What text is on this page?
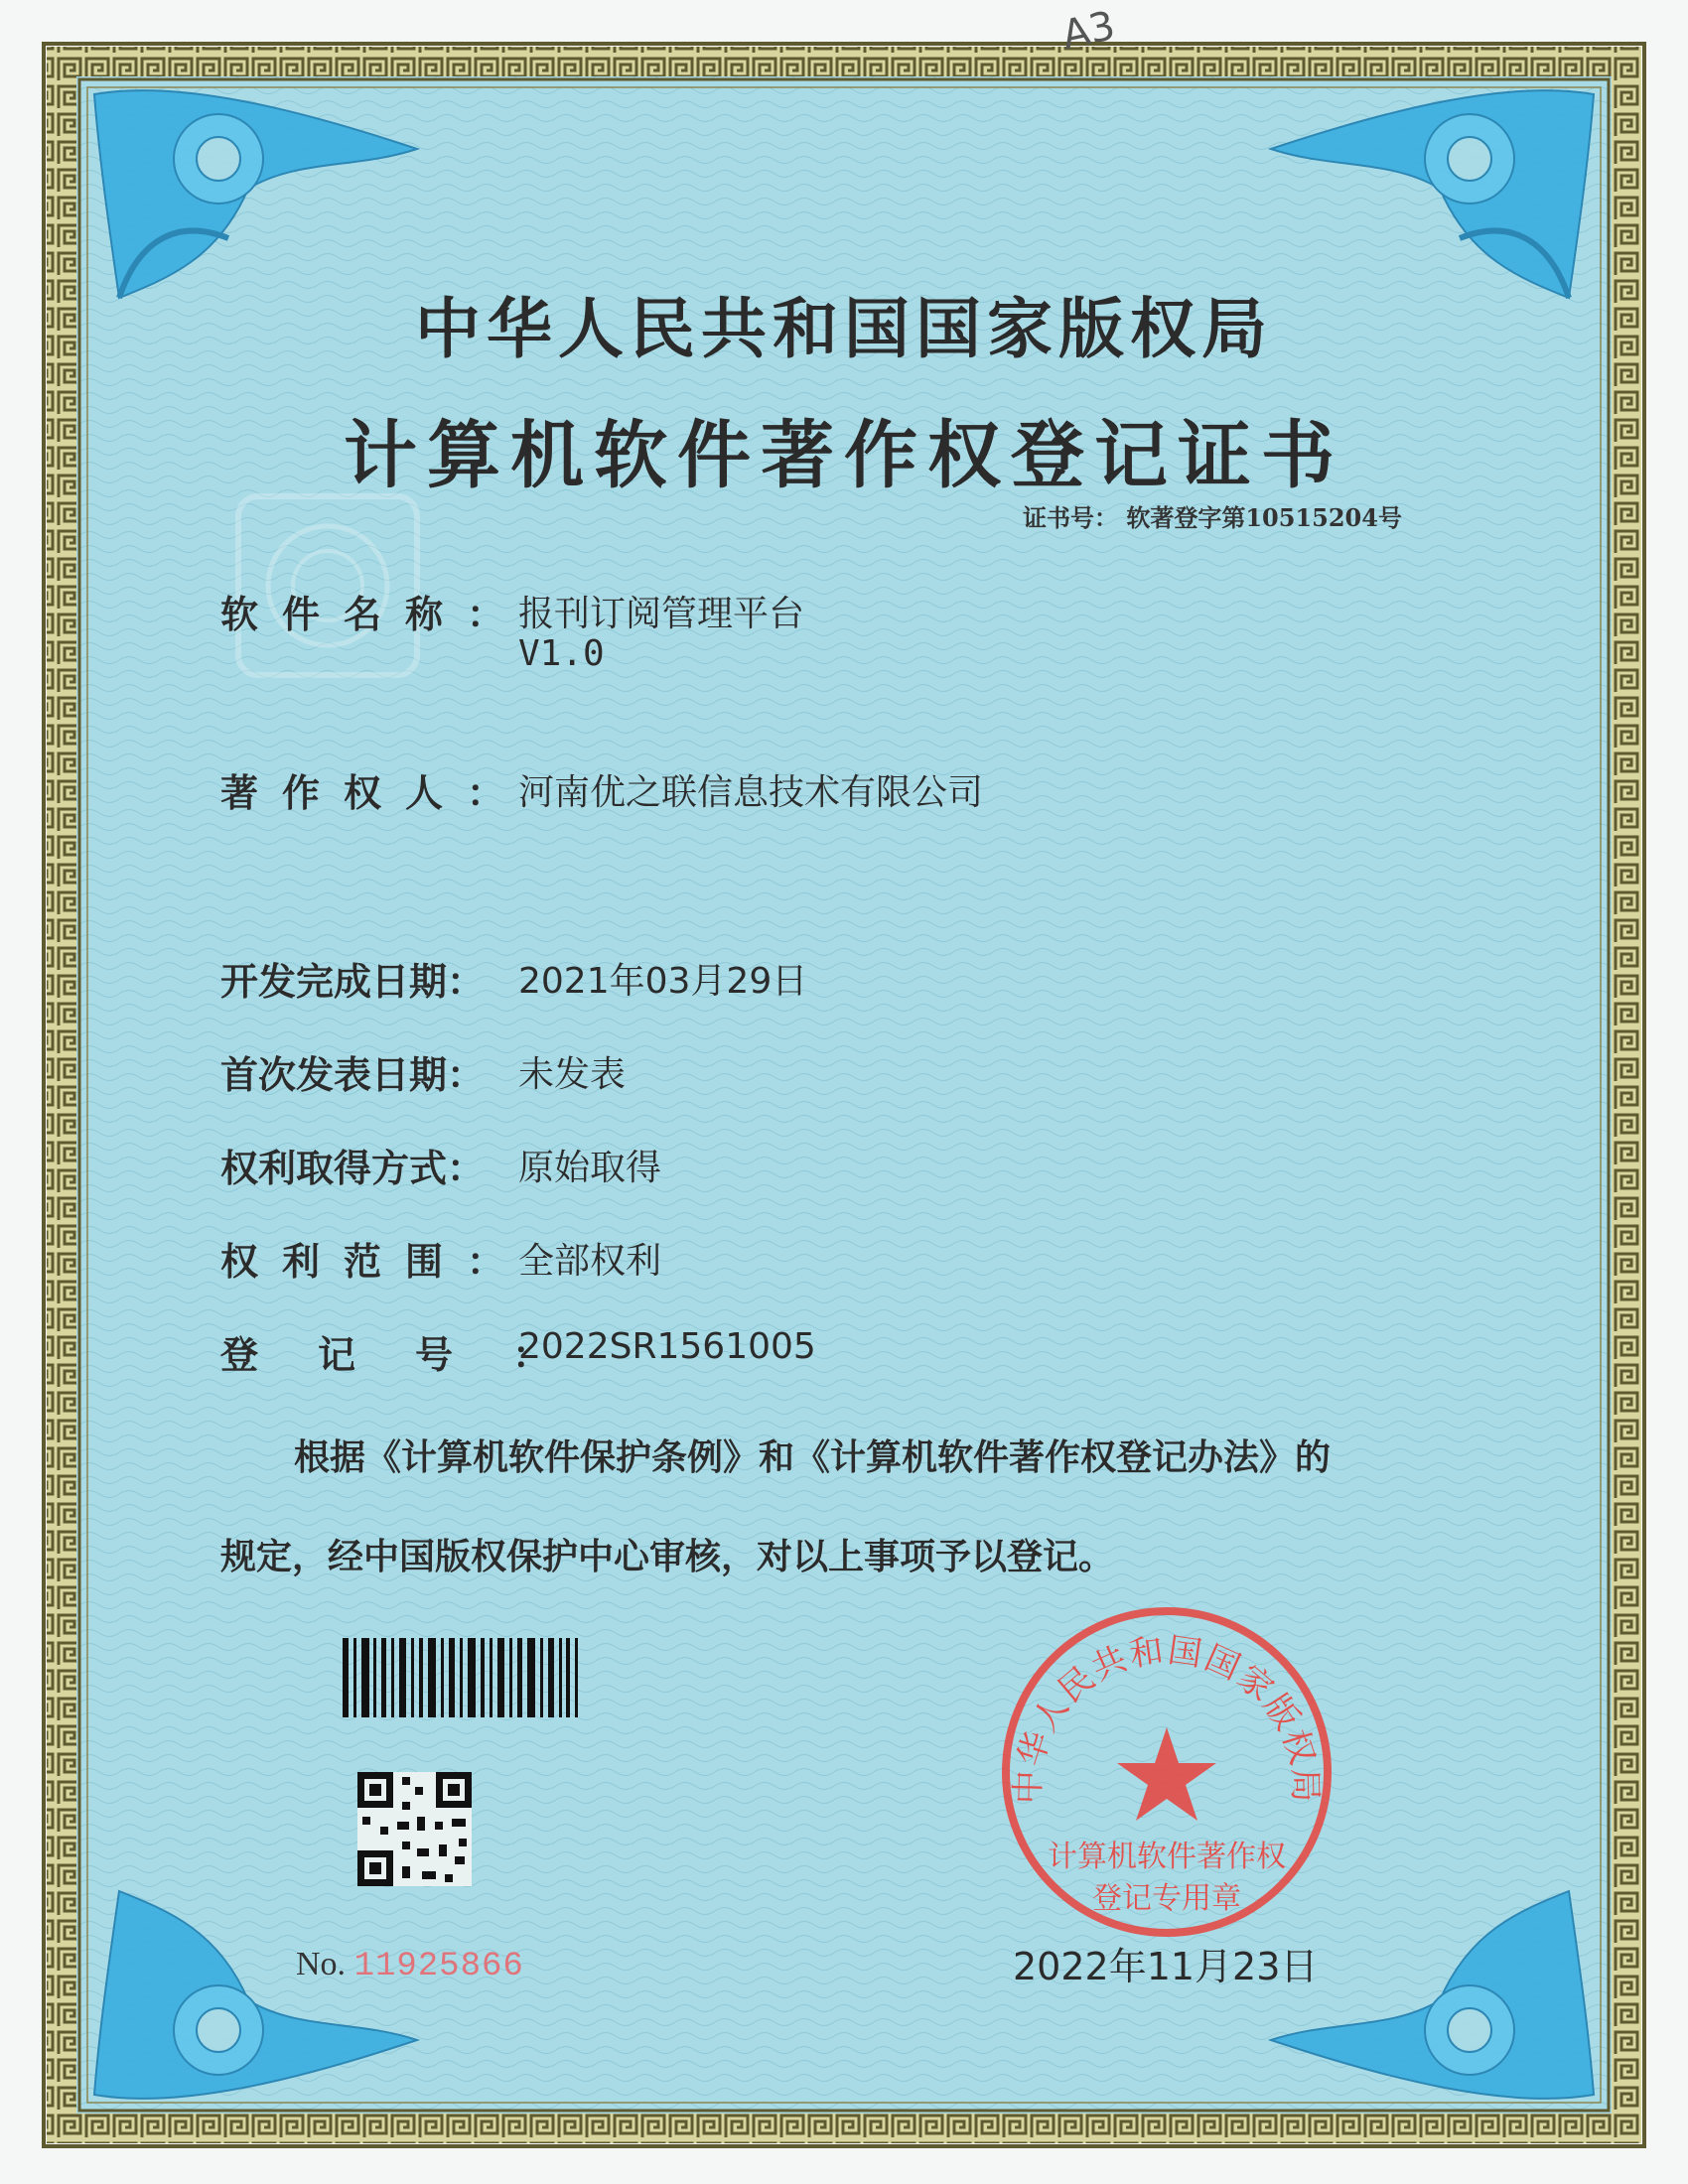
A3
中华人民共和国国家版权局
计算机软件著作权登记证书
证书号： 软著登字第10515204号
软件名称：
报刊订阅管理平台
V1.0
著作权人：
河南优之联信息技术有限公司
开发完成日期： 2021年03月29日
首次发表日期： 未发表
权利取得方式： 原始取得
权利范围：
全部权利
登记号：
2022SR1561005
根据《计算机软件保护条例》和《计算机软件著作权登记办法》的
规定，经中国版权保护中心审核，对以上事项予以登记。
No. 11925866	2022年11月23日
中华人民共和国国家版权局
计算机软件著作权
登记专用章
